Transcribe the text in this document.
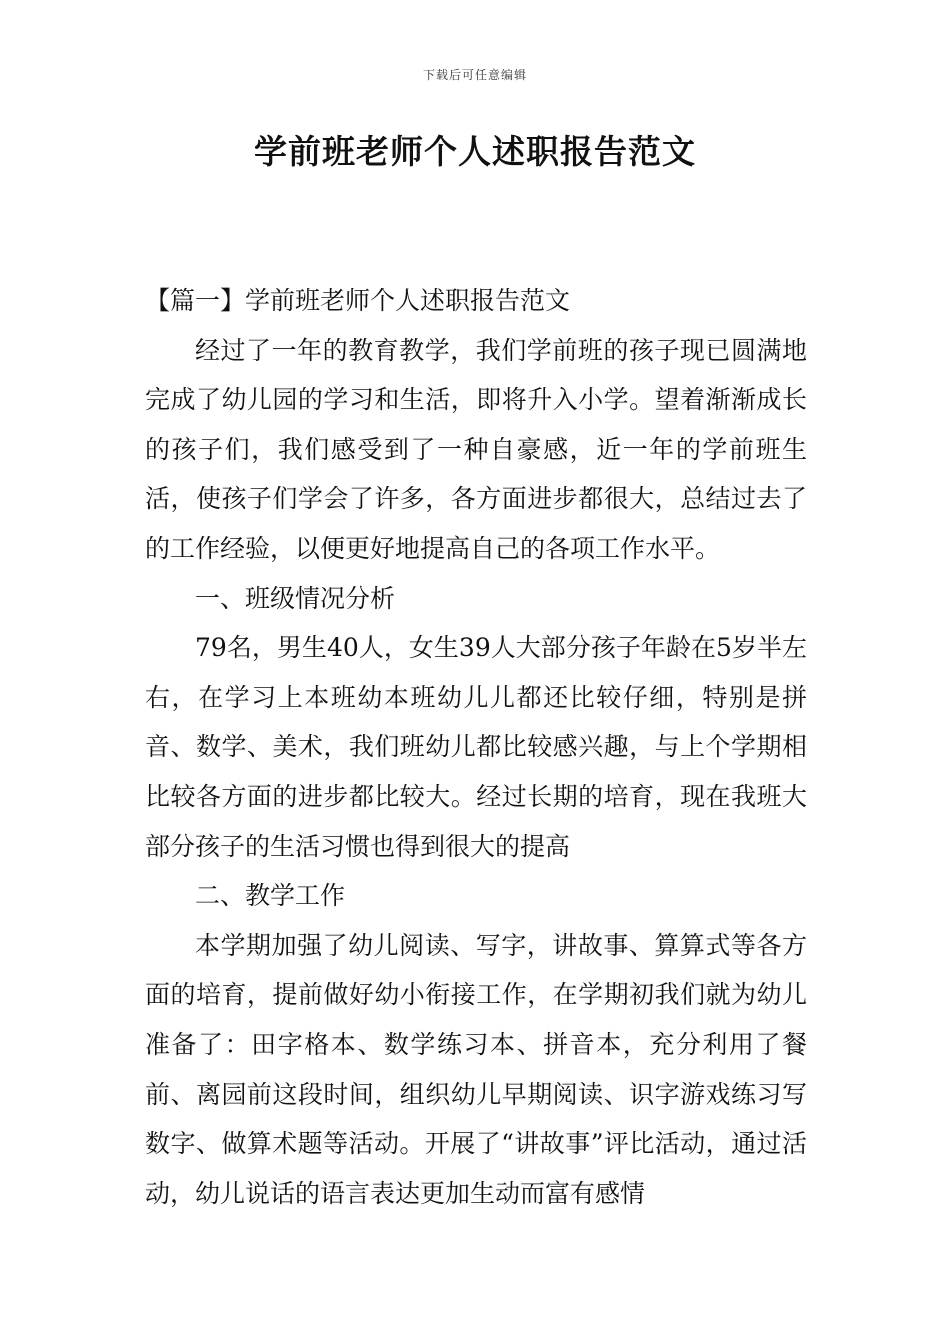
下载后可任意编辑
学前班老师个人述职报告范文

【篇一】学前班老师个人述职报告范文

经过了一年的教育教学，我们学前班的孩子现已圆满地完成了幼儿园的学习和生活，即将升入小学。望着渐渐成长的孩子们，我们感受到了一种自豪感，近一年的学前班生活，使孩子们学会了许多，各方面进步都很大，总结过去了的工作经验，以便更好地提高自己的各项工作水平。

一、班级情况分析

79名，男生40人，女生39人大部分孩子年龄在5岁半左右，在学习上本班幼本班幼儿儿都还比较仔细，特别是拼音、数学、美术，我们班幼儿都比较感兴趣，与上个学期相比较各方面的进步都比较大。经过长期的培育，现在我班大部分孩子的生活习惯也得到很大的提高

二、教学工作

本学期加强了幼儿阅读、写字，讲故事、算算式等各方面的培育，提前做好幼小衔接工作，在学期初我们就为幼儿准备了：田字格本、数学练习本、拼音本，充分利用了餐前、离园前这段时间，组织幼儿早期阅读、识字游戏练习写数字、做算术题等活动。开展了“讲故事”评比活动，通过活动，幼儿说话的语言表达更加生动而富有感情
